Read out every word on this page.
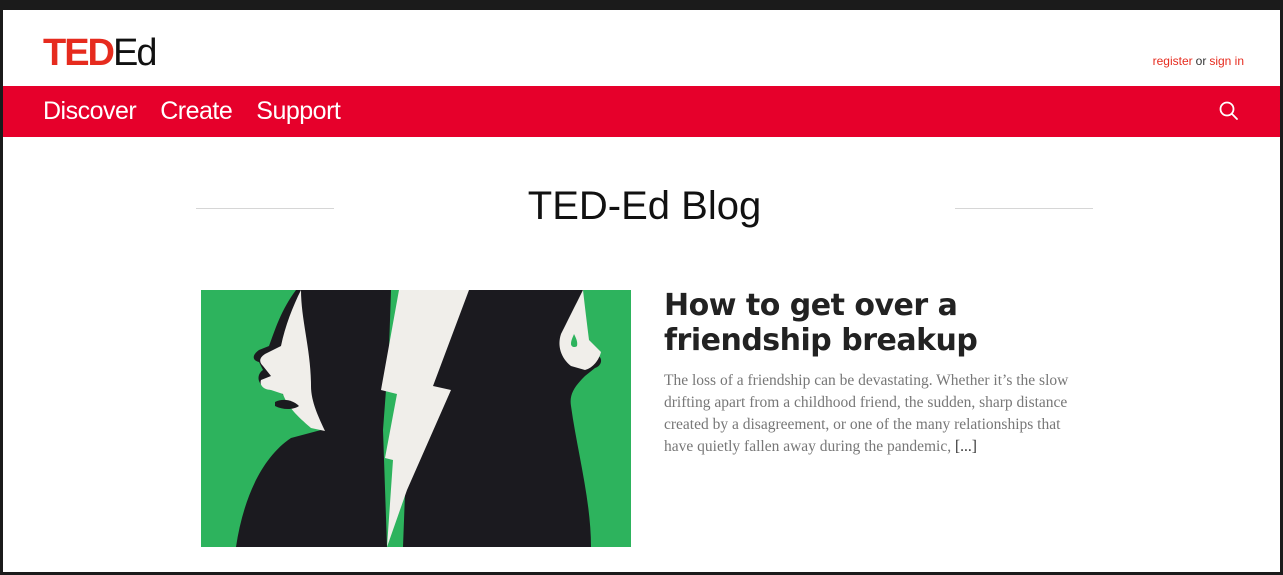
TED Ed	register or sign in
Discover Create Support
TED-Ed Blog
How to get over a friendship breakup

The loss of a friendship can be devastating. Whether it’s the slow drifting apart from a childhood friend, the sudden, sharp distance created by a disagreement, or one of the many relationships that have quietly fallen away during the pandemic, [...]
